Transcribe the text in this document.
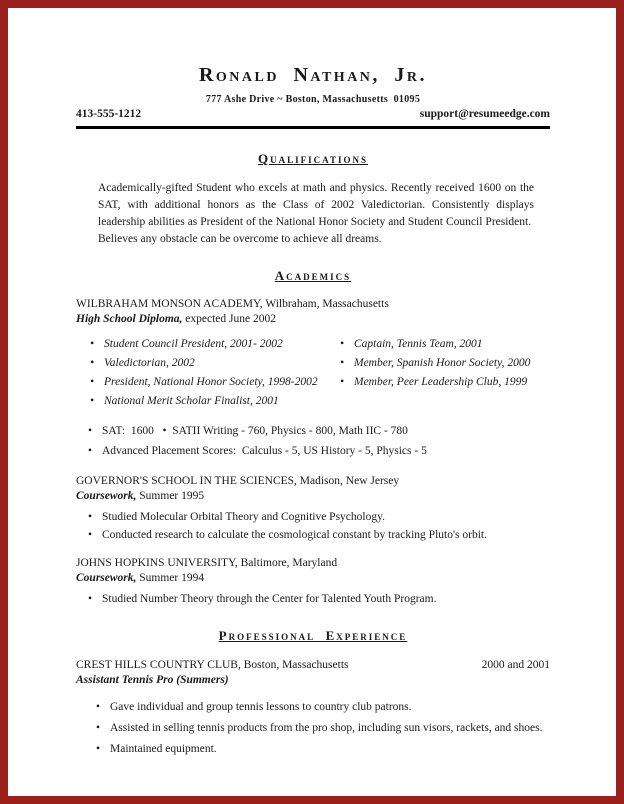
Ronald Nathan, Jr.
777 Ashe Drive ~ Boston, Massachusetts  01095
413-555-1212	support@resumeedge.com
Qualifications

Academically-gifted Student who excels at math and physics. Recently received 1600 on the SAT, with additional honors as the Class of 2002 Valedictorian. Consistently displays leadership abilities as President of the National Honor Society and Student Council President.  Believes any obstacle can be overcome to achieve all dreams.

Academics
WILBRAHAM MONSON ACADEMY, Wilbraham, Massachusetts
High School Diploma, expected June 2002
• Student Council President, 2001- 2002
• Valedictorian, 2002
• President, National Honor Society, 1998-2002
• National Merit Scholar Finalist, 2001
• Captain, Tennis Team, 2001
• Member, Spanish Honor Society, 2000
• Member, Peer Leadership Club, 1999
• SAT:  1600   •  SATII Writing - 760, Physics - 800, Math IIC - 780
• Advanced Placement Scores:  Calculus - 5, US History - 5, Physics - 5
GOVERNOR'S SCHOOL IN THE SCIENCES, Madison, New Jersey
Coursework, Summer 1995
• Studied Molecular Orbital Theory and Cognitive Psychology.
• Conducted research to calculate the cosmological constant by tracking Pluto's orbit.
JOHNS HOPKINS UNIVERSITY, Baltimore, Maryland
Coursework, Summer 1994
• Studied Number Theory through the Center for Talented Youth Program.
Professional  Experience
CREST HILLS COUNTRY CLUB, Boston, Massachusetts	2000 and 2001
Assistant Tennis Pro (Summers)
• Gave individual and group tennis lessons to country club patrons.
• Assisted in selling tennis products from the pro shop, including sun visors, rackets, and shoes.
• Maintained equipment.
